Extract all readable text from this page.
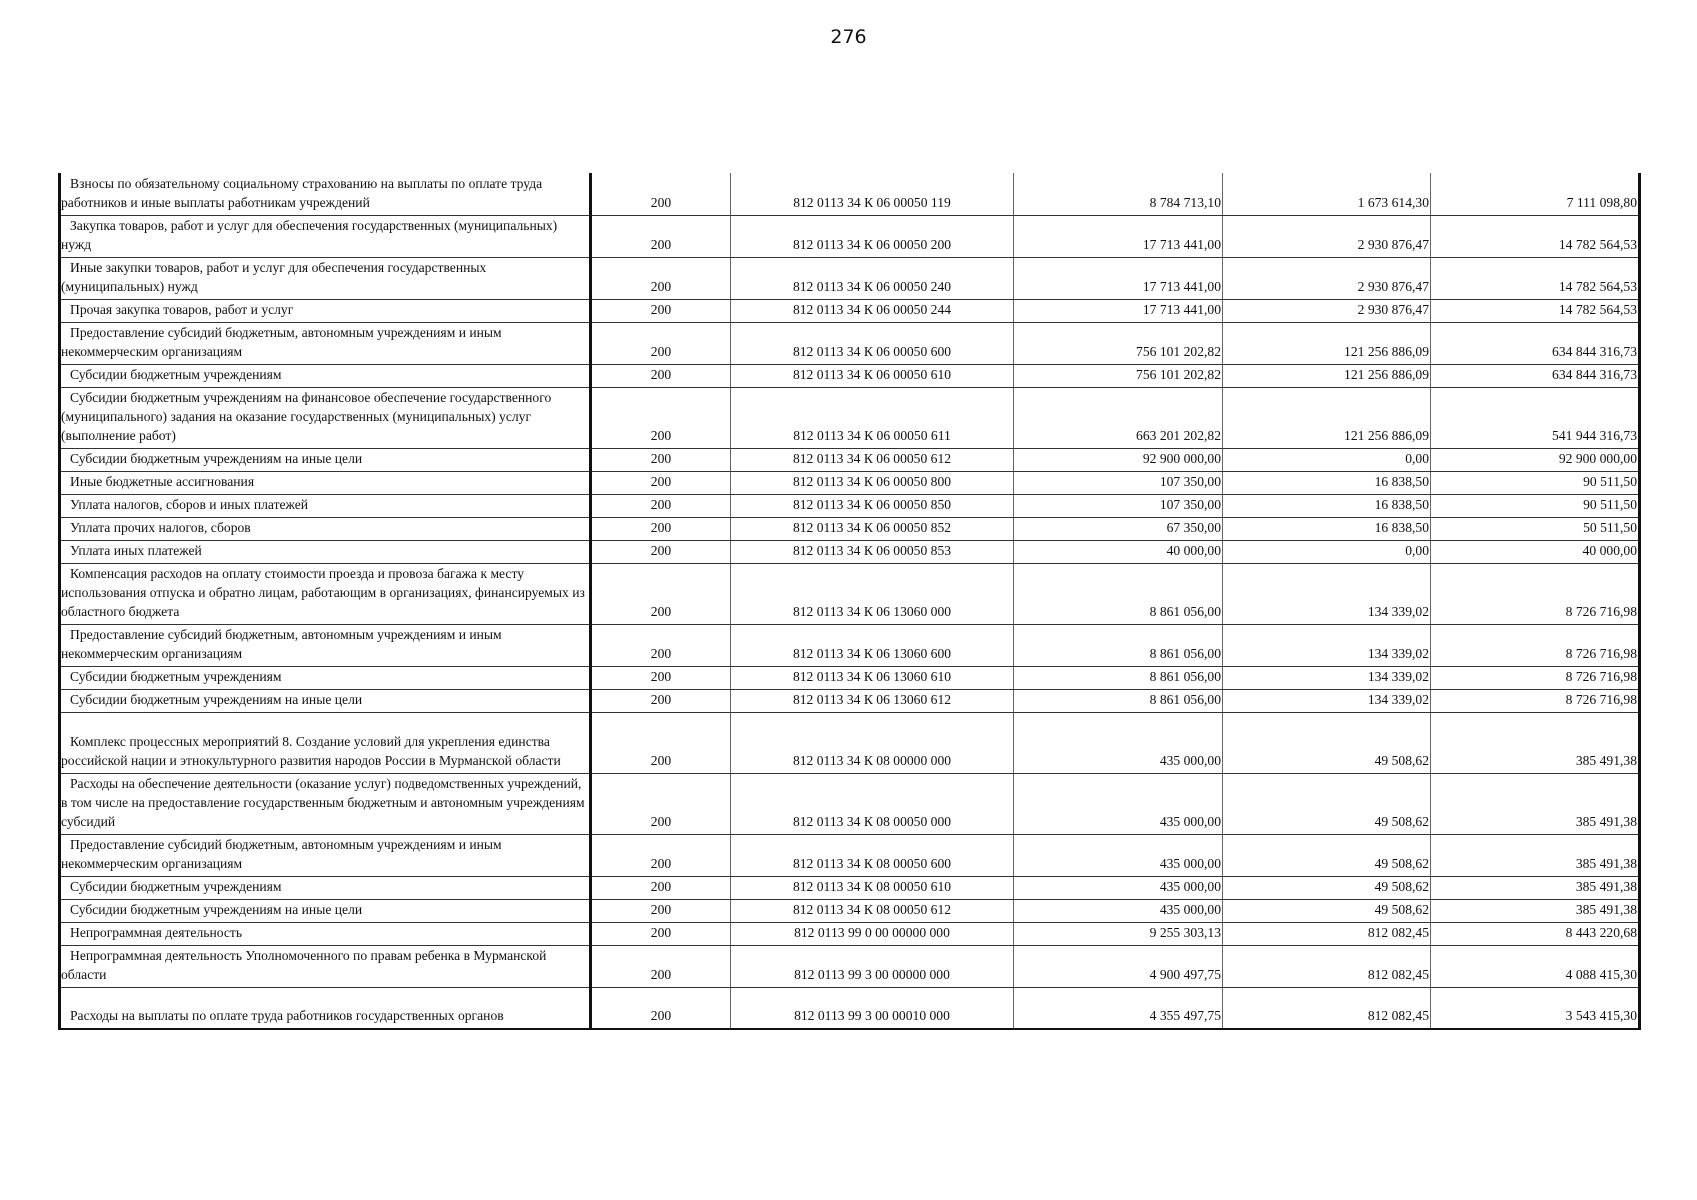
276
Взносы по обязательному социальному страхованию на выплаты по оплате труда работников и иные выплаты работникам учреждений	200	812 0113 34 К 06 00050 119	8 784 713,10	1 673 614,30	7 111 098,80

Закупка товаров, работ и услуг для обеспечения государственных (муниципальных) нужд	200	812 0113 34 К 06 00050 200	17 713 441,00	2 930 876,47	14 782 564,53

Иные закупки товаров, работ и услуг для обеспечения государственных (муниципальных) нужд	200	812 0113 34 К 06 00050 240	17 713 441,00	2 930 876,47	14 782 564,53

Прочая закупка товаров, работ и услуг	200	812 0113 34 К 06 00050 244	17 713 441,00	2 930 876,47	14 782 564,53

Предоставление субсидий бюджетным, автономным учреждениям и иным некоммерческим организациям	200	812 0113 34 К 06 00050 600	756 101 202,82	121 256 886,09	634 844 316,73

Субсидии бюджетным учреждениям	200	812 0113 34 К 06 00050 610	756 101 202,82	121 256 886,09	634 844 316,73

Субсидии бюджетным учреждениям на финансовое обеспечение государственного (муниципального) задания на оказание государственных (муниципальных) услуг (выполнение работ)	200	812 0113 34 К 06 00050 611	663 201 202,82	121 256 886,09	541 944 316,73

Субсидии бюджетным учреждениям на иные цели	200	812 0113 34 К 06 00050 612	92 900 000,00	0,00	92 900 000,00

Иные бюджетные ассигнования	200	812 0113 34 К 06 00050 800	107 350,00	16 838,50	90 511,50

Уплата налогов, сборов и иных платежей	200	812 0113 34 К 06 00050 850	107 350,00	16 838,50	90 511,50

Уплата прочих налогов, сборов	200	812 0113 34 К 06 00050 852	67 350,00	16 838,50	50 511,50

Уплата иных платежей	200	812 0113 34 К 06 00050 853	40 000,00	0,00	40 000,00

Компенсация расходов на оплату стоимости проезда и провоза багажа к месту использования отпуска и обратно лицам, работающим в организациях, финансируемых из областного бюджета	200	812 0113 34 К 06 13060 000	8 861 056,00	134 339,02	8 726 716,98

Предоставление субсидий бюджетным, автономным учреждениям и иным некоммерческим организациям	200	812 0113 34 К 06 13060 600	8 861 056,00	134 339,02	8 726 716,98

Субсидии бюджетным учреждениям	200	812 0113 34 К 06 13060 610	8 861 056,00	134 339,02	8 726 716,98

Субсидии бюджетным учреждениям на иные цели	200	812 0113 34 К 06 13060 612	8 861 056,00	134 339,02	8 726 716,98

Комплекс процессных мероприятий 8. Создание условий для укрепления единства российской нации и этнокультурного развития народов России в Мурманской области	200	812 0113 34 К 08 00000 000	435 000,00	49 508,62	385 491,38

Расходы на обеспечение деятельности (оказание услуг) подведомственных учреждений, в том числе на предоставление государственным бюджетным и автономным учреждениям субсидий	200	812 0113 34 К 08 00050 000	435 000,00	49 508,62	385 491,38

Предоставление субсидий бюджетным, автономным учреждениям и иным некоммерческим организациям	200	812 0113 34 К 08 00050 600	435 000,00	49 508,62	385 491,38

Субсидии бюджетным учреждениям	200	812 0113 34 К 08 00050 610	435 000,00	49 508,62	385 491,38

Субсидии бюджетным учреждениям на иные цели	200	812 0113 34 К 08 00050 612	435 000,00	49 508,62	385 491,38

Непрограммная деятельность	200	812 0113 99 0 00 00000 000	9 255 303,13	812 082,45	8 443 220,68

Непрограммная деятельность Уполномоченного по правам ребенка в Мурманской области	200	812 0113 99 3 00 00000 000	4 900 497,75	812 082,45	4 088 415,30

Расходы на выплаты по оплате труда работников государственных органов	200	812 0113 99 3 00 00010 000	4 355 497,75	812 082,45	3 543 415,30
